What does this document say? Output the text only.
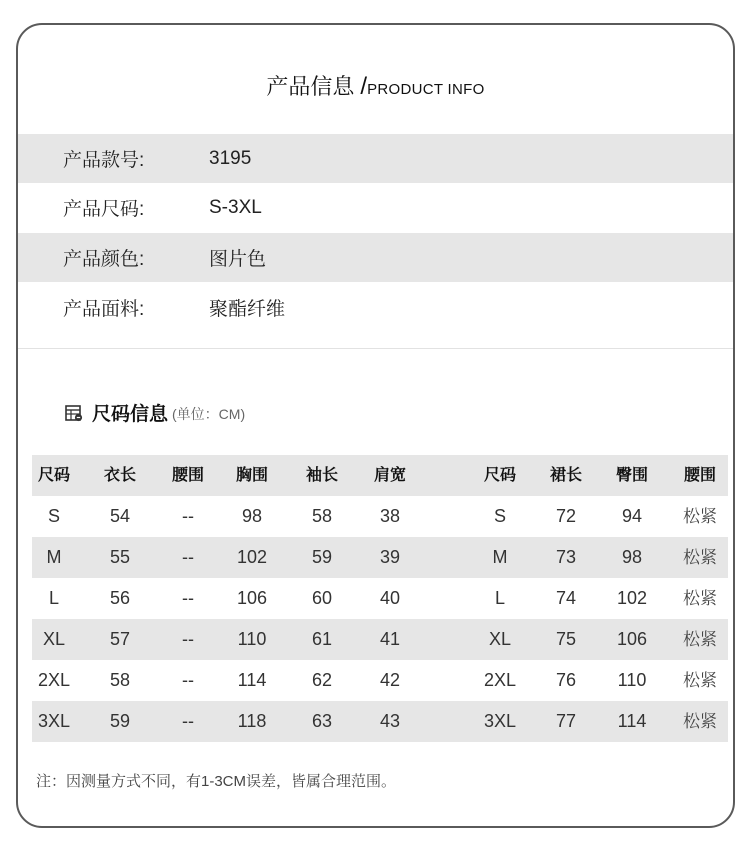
产品信息 /PRODUCT INFO
产品款号:	3195
产品尺码:	S-3XL
产品颜色:	图片色
产品面料:	聚酯纤维
尺码信息 (单位：CM)
尺码	衣长	腰围	胸围	袖长	肩宽	尺码	裙长	臀围	腰围
S	54	--	98	58	38	S	72	94	松紧
M	55	--	102	59	39	M	73	98	松紧
L	56	--	106	60	40	L	74	102	松紧
XL	57	--	110	61	41	XL	75	106	松紧
2XL	58	--	114	62	42	2XL	76	110	松紧
3XL	59	--	118	63	43	3XL	77	114	松紧
注：因测量方式不同，有1-3CM误差，皆属合理范围。
